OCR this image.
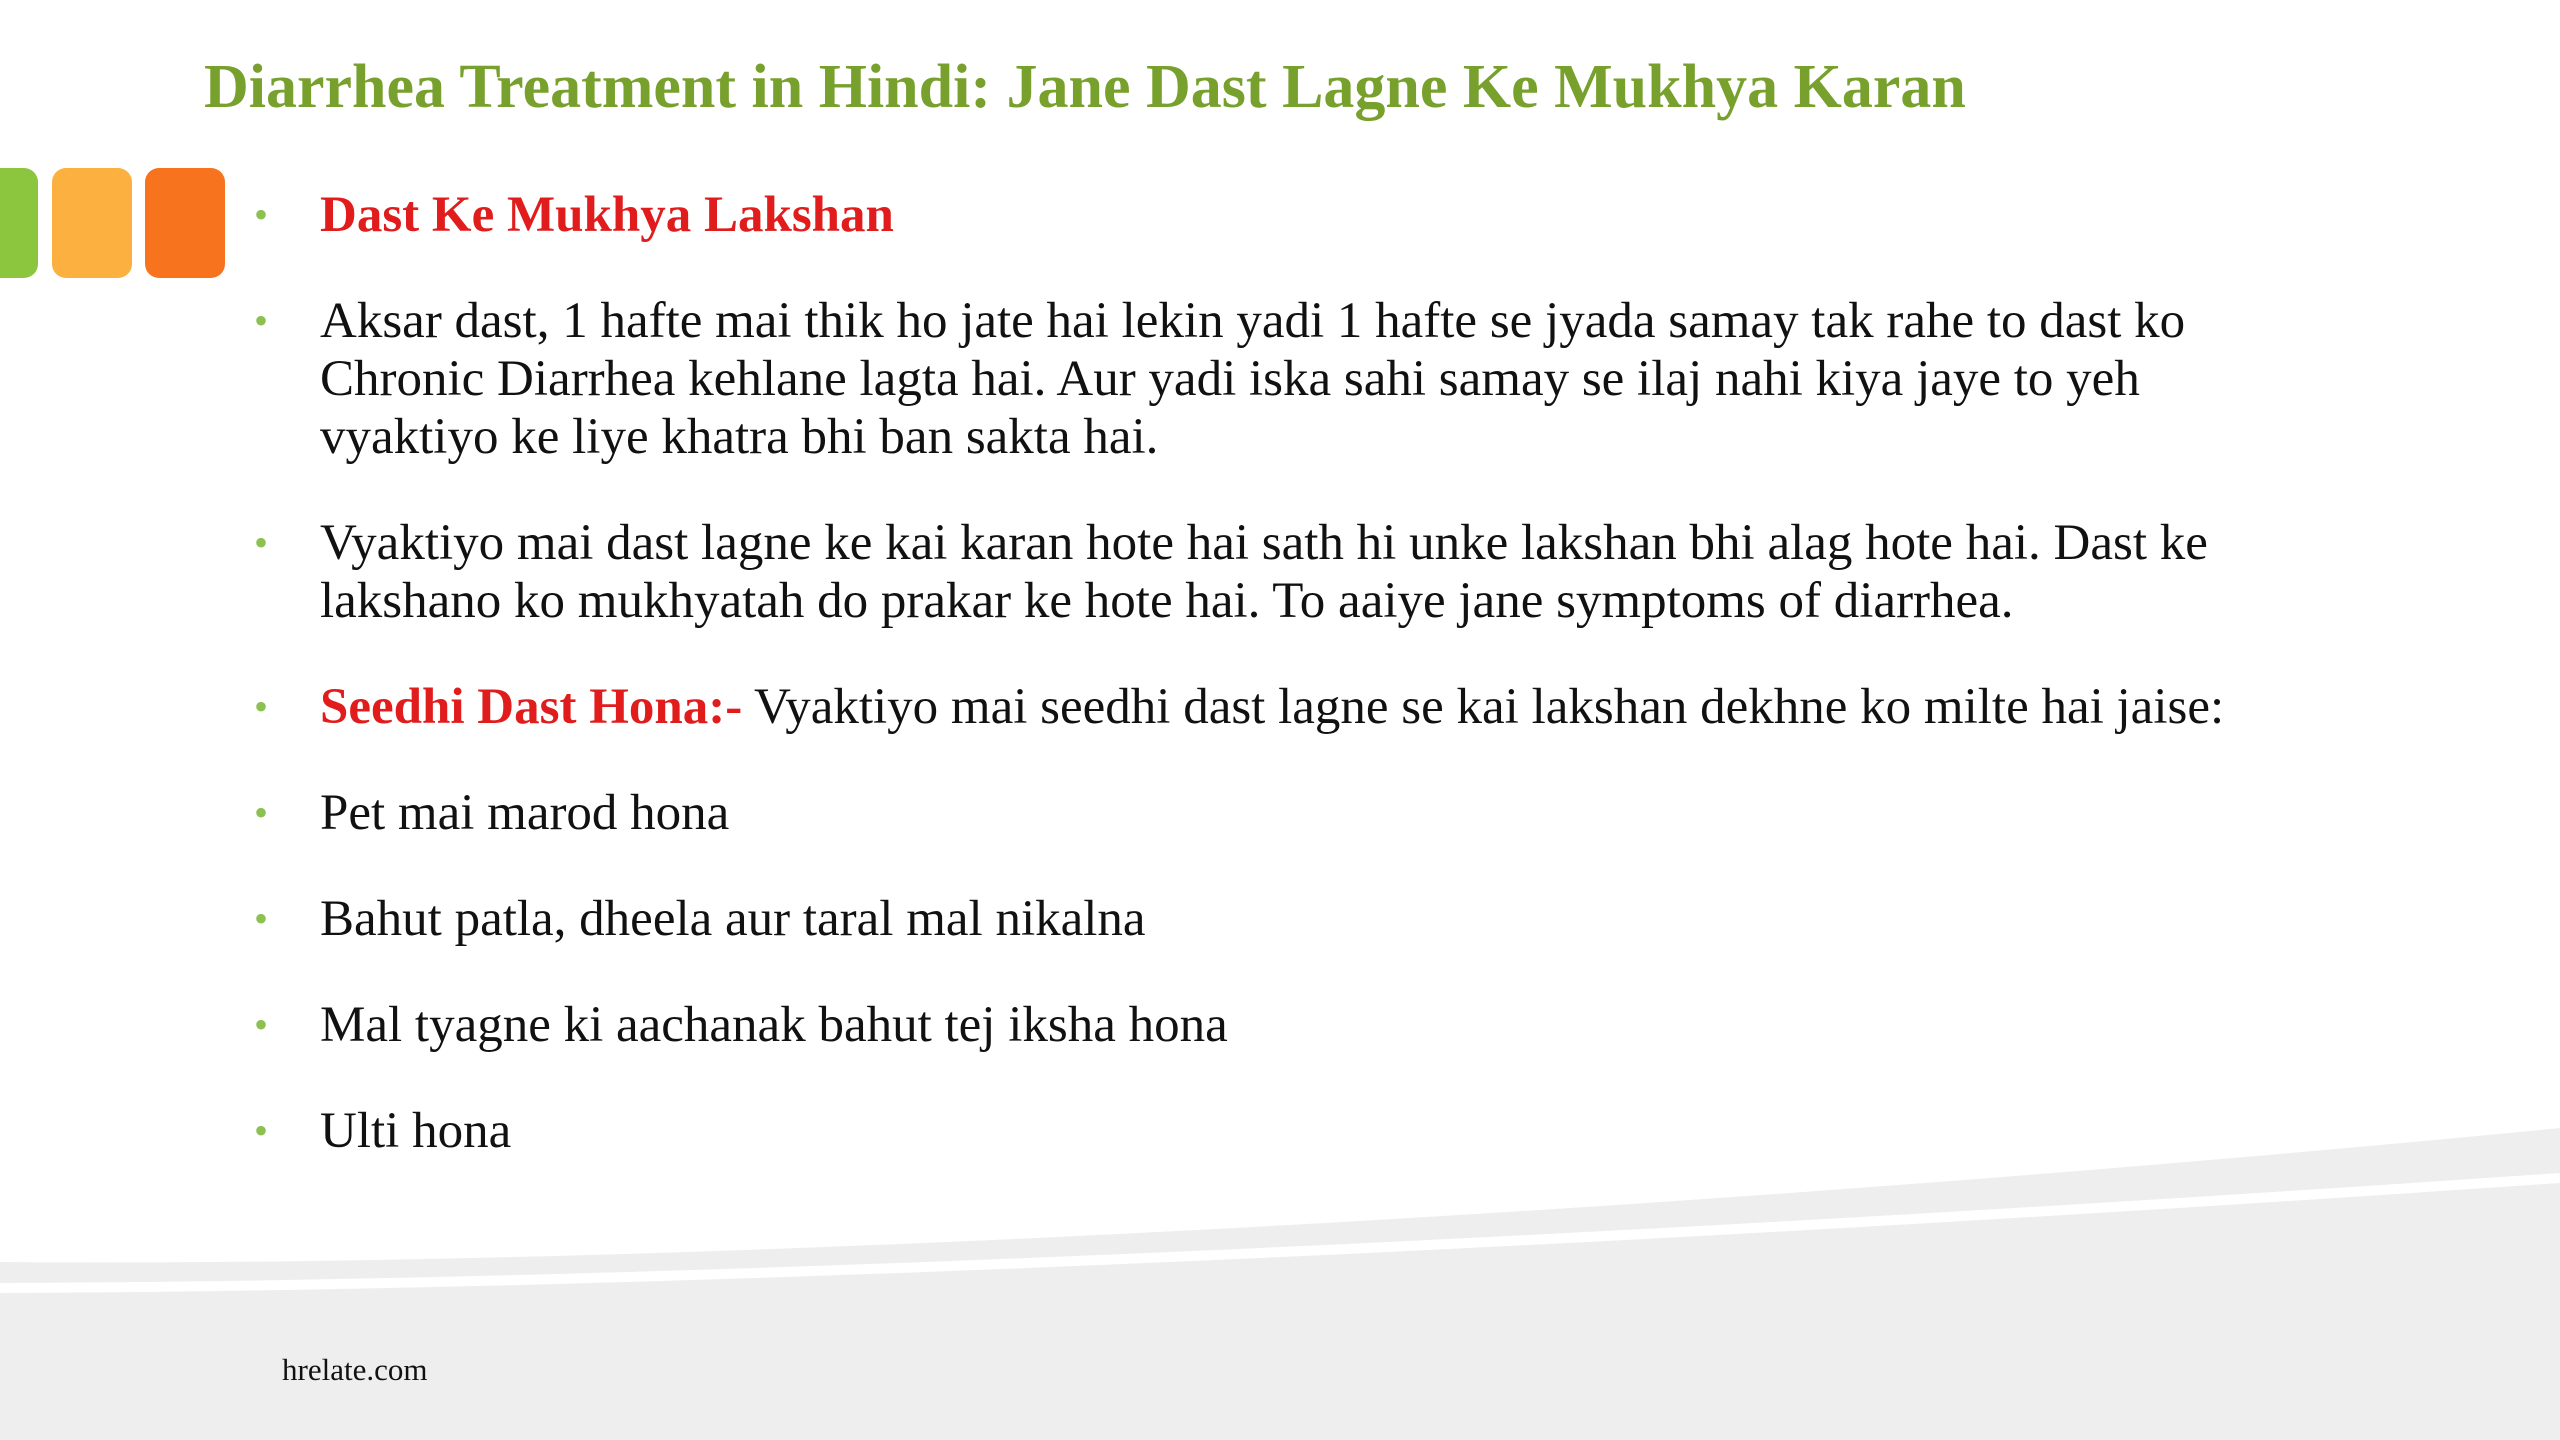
Diarrhea Treatment in Hindi: Jane Dast Lagne Ke Mukhya Karan
• Dast Ke Mukhya Lakshan
• Aksar dast, 1 hafte mai thik ho jate hai lekin yadi 1 hafte se jyada samay tak rahe to dast ko Chronic Diarrhea kehlane lagta hai. Aur yadi iska sahi samay se ilaj nahi kiya jaye to yeh vyaktiyo ke liye khatra bhi ban sakta hai.
• Vyaktiyo mai dast lagne ke kai karan hote hai sath hi unke lakshan bhi alag hote hai. Dast ke lakshano ko mukhyatah do prakar ke hote hai. To aaiye jane symptoms of diarrhea.
• Seedhi Dast Hona:- Vyaktiyo mai seedhi dast lagne se kai lakshan dekhne ko milte hai jaise:
• Pet mai marod hona
• Bahut patla, dheela aur taral mal nikalna
• Mal tyagne ki aachanak bahut tej iksha hona
• Ulti hona
hrelate.com
